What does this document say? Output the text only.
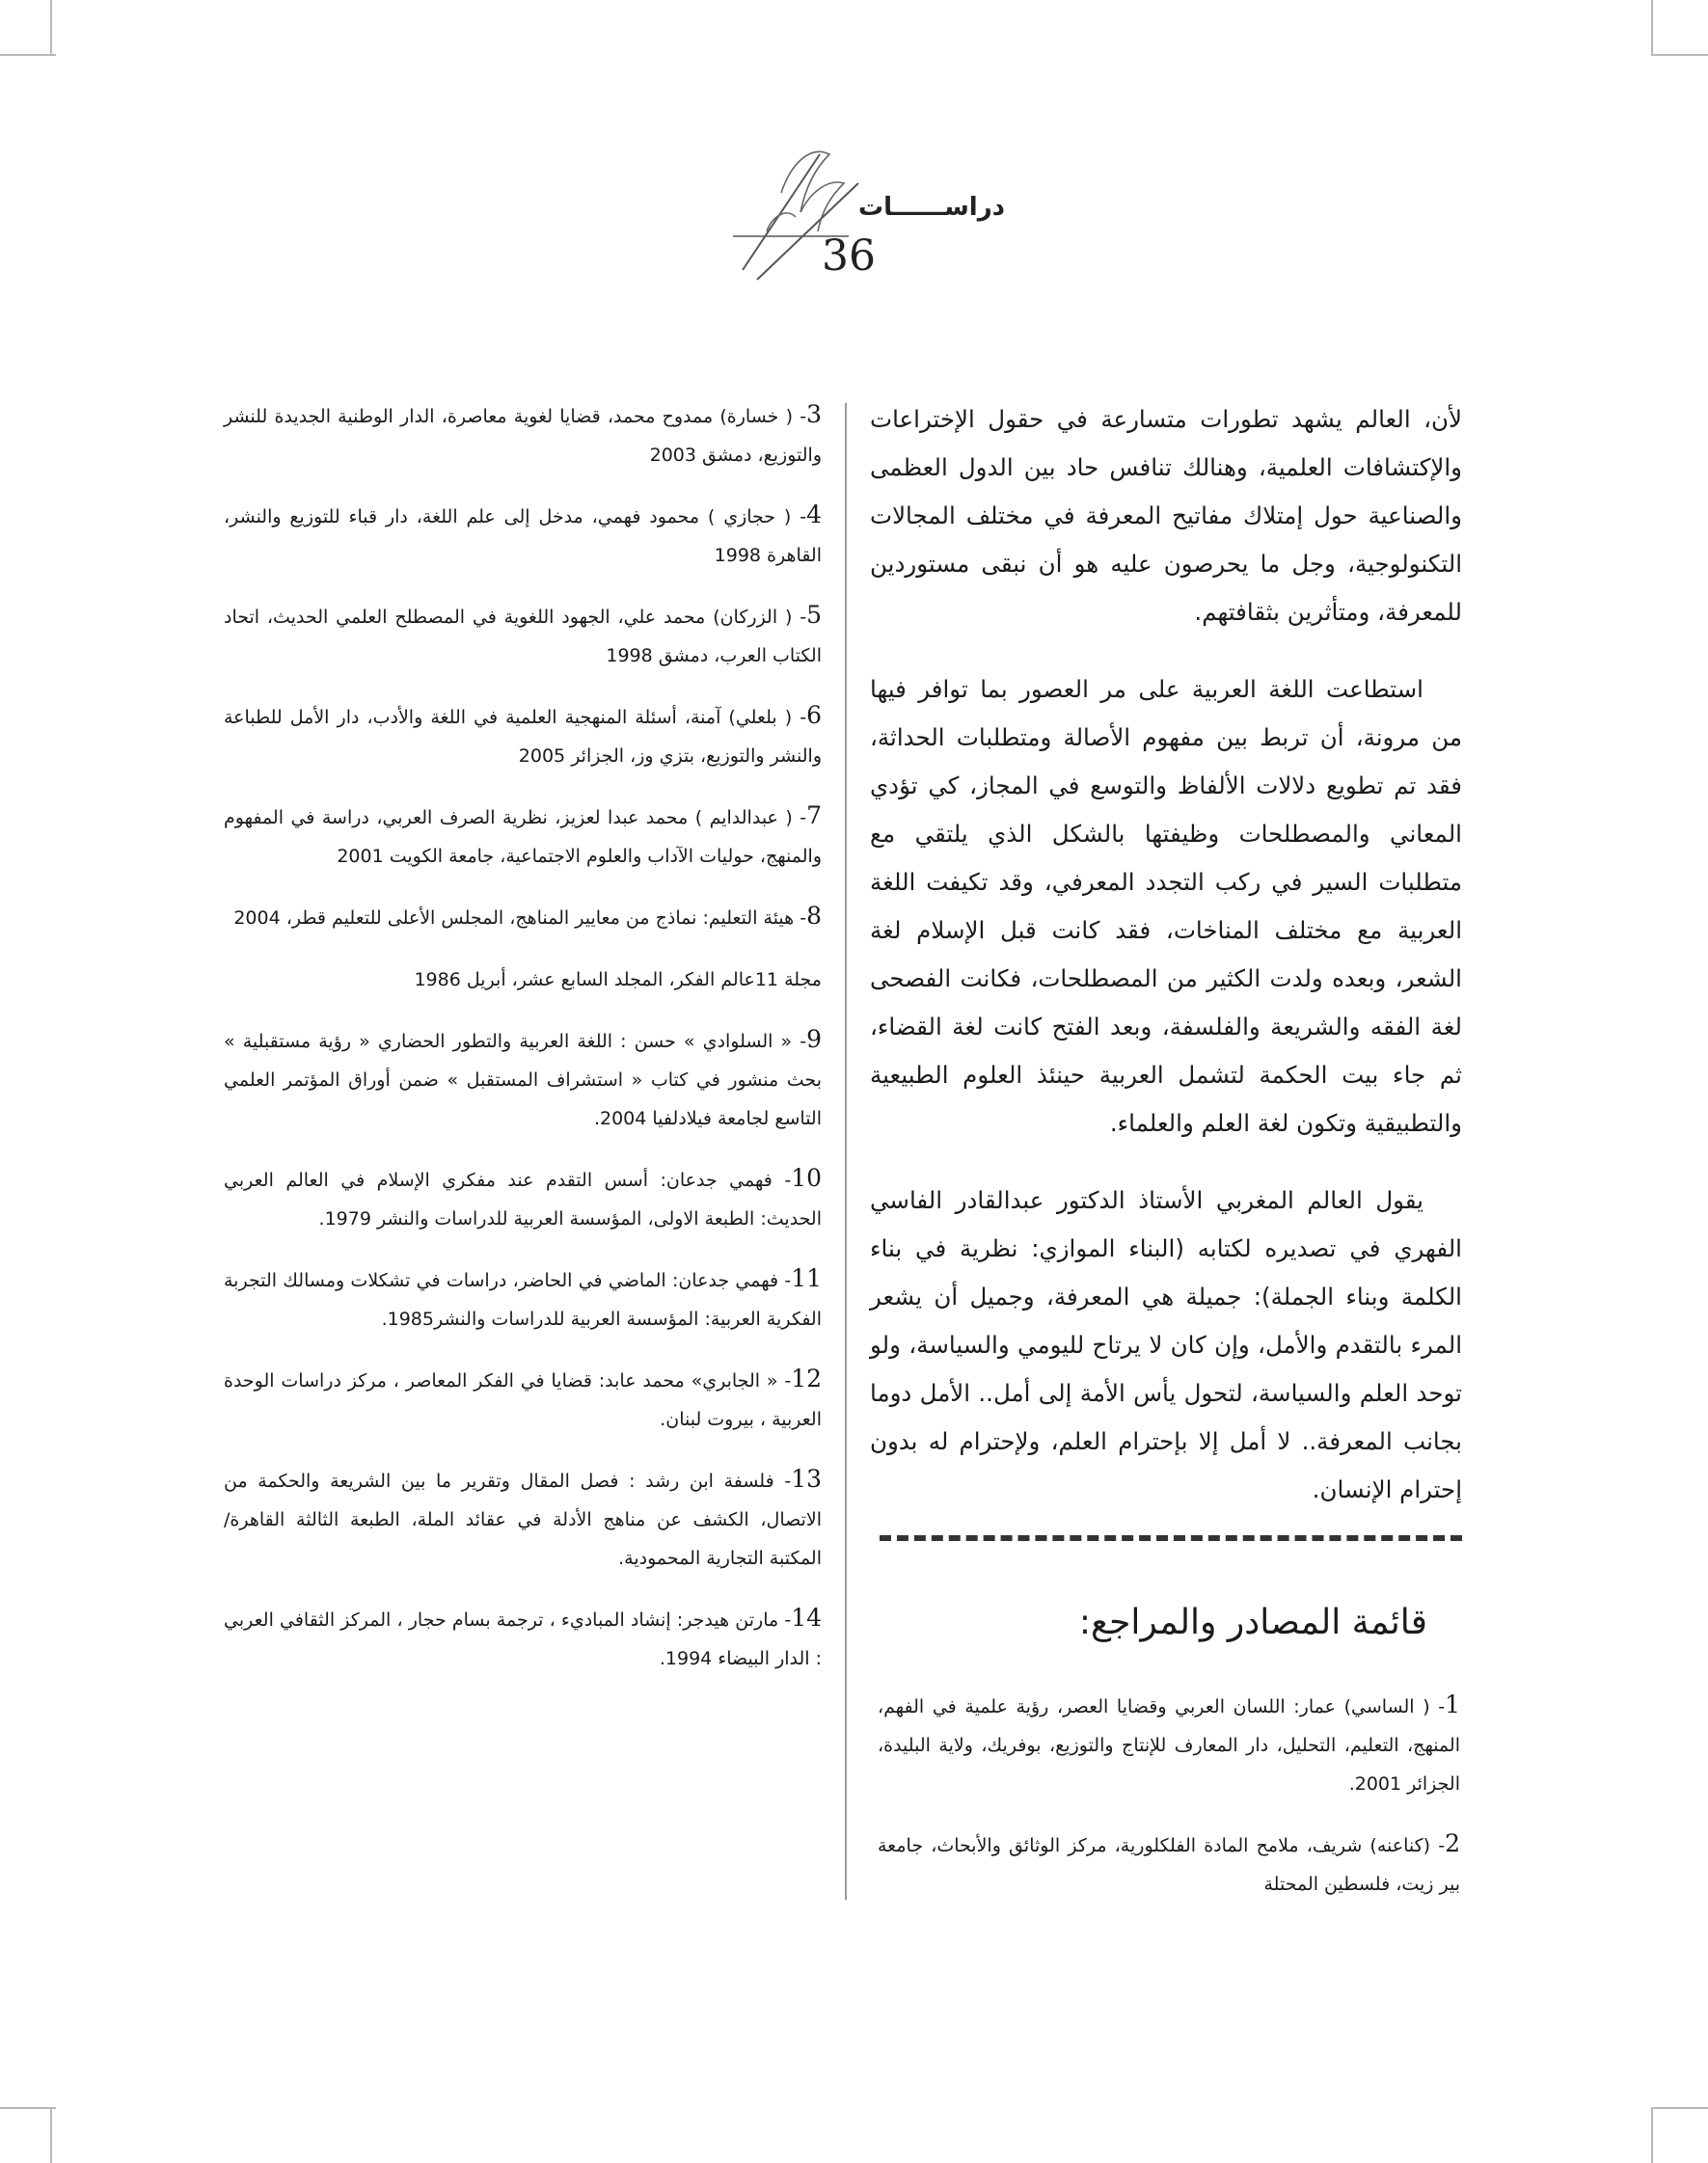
دراســــــات
36

لأن، العالم يشهد تطورات متسارعة في حقول الإختراعات والإكتشافات العلمية، وهنالك تنافس حاد بين الدول العظمى والصناعية حول إمتلاك مفاتيح المعرفة في مختلف المجالات التكنولوجية، وجل ما يحرصون عليه هو أن نبقى مستوردين للمعرفة، ومتأثرين بثقافتهم.

استطاعت اللغة العربية على مر العصور بما توافر فيها من مرونة، أن تربط بين مفهوم الأصالة ومتطلبات الحداثة، فقد تم تطويع دلالات الألفاظ والتوسع في المجاز، كي تؤدي المعاني والمصطلحات وظيفتها بالشكل الذي يلتقي مع متطلبات السير في ركب التجدد المعرفي، وقد تكيفت اللغة العربية مع مختلف المناخات، فقد كانت قبل الإسلام لغة الشعر، وبعده ولدت الكثير من المصطلحات، فكانت الفصحى لغة الفقه والشريعة والفلسفة، وبعد الفتح كانت لغة القضاء، ثم جاء بيت الحكمة لتشمل العربية حينئذ العلوم الطبيعية والتطبيقية وتكون لغة العلم والعلماء.

يقول العالم المغربي الأستاذ الدكتور عبدالقادر الفاسي الفهري في تصديره لكتابه (البناء الموازي: نظرية في بناء الكلمة وبناء الجملة): جميلة هي المعرفة، وجميل أن يشعر المرء بالتقدم والأمل، وإن كان لا يرتاح لليومي والسياسة، ولو توحد العلم والسياسة، لتحول يأس الأمة إلى أمل.. الأمل دوما بجانب المعرفة.. لا أمل إلا بإحترام العلم، ولإحترام له بدون إحترام الإنسان.

قائمة المصادر والمراجع:
1- ( الساسي) عمار: اللسان العربي وقضايا العصر، رؤية علمية في الفهم، المنهج، التعليم، التحليل، دار المعارف للإنتاج والتوزيع، بوفريك، ولاية البليدة، الجزائر 2001.
2- (كناعنه) شريف، ملامح المادة الفلكلورية، مركز الوثائق والأبحاث، جامعة بير زيت، فلسطين المحتلة
3- ( خسارة) ممدوح محمد، قضايا لغوية معاصرة، الدار الوطنية الجديدة للنشر والتوزيع، دمشق 2003
4- ( حجازي ) محمود فهمي، مدخل إلى علم اللغة، دار قباء للتوزيع والنشر، القاهرة 1998
5- ( الزركان) محمد علي، الجهود اللغوية في المصطلح العلمي الحديث، اتحاد الكتاب العرب، دمشق 1998
6- ( بلعلي) آمنة، أسئلة المنهجية العلمية في اللغة والأدب، دار الأمل للطباعة والنشر والتوزيع، بتزي وز، الجزائر 2005
7- ( عبدالدايم ) محمد عبدا لعزيز، نظرية الصرف العربي، دراسة في المفهوم والمنهج، حوليات الآداب والعلوم الاجتماعية، جامعة الكويت 2001
8- هيئة التعليم: نماذج من معايير المناهج، المجلس الأعلى للتعليم قطر، 2004
مجلة 11عالم الفكر، المجلد السابع عشر، أبريل 1986
9- « السلوادي » حسن : اللغة العربية والتطور الحضاري « رؤية مستقبلية » بحث منشور في كتاب « استشراف المستقبل » ضمن أوراق المؤتمر العلمي التاسع لجامعة فيلادلفيا 2004.
10- فهمي جدعان: أسس التقدم عند مفكري الإسلام في العالم العربي الحديث: الطبعة الاولى، المؤسسة العربية للدراسات والنشر 1979.
11- فهمي جدعان: الماضي في الحاضر، دراسات في تشكلات ومسالك التجربة الفكرية العربية: المؤسسة العربية للدراسات والنشر1985.
12- « الجابري» محمد عابد: قضايا في الفكر المعاصر ، مركز دراسات الوحدة العربية ، بيروت لبنان.
13- فلسفة ابن رشد : فصل المقال وتقرير ما بين الشريعة والحكمة من الاتصال، الكشف عن مناهج الأدلة في عقائد الملة، الطبعة الثالثة القاهرة/ المكتبة التجارية المحمودية.
14- مارتن هيدجر: إنشاد المباديء ، ترجمة بسام حجار ، المركز الثقافي العربي : الدار البيضاء 1994.
